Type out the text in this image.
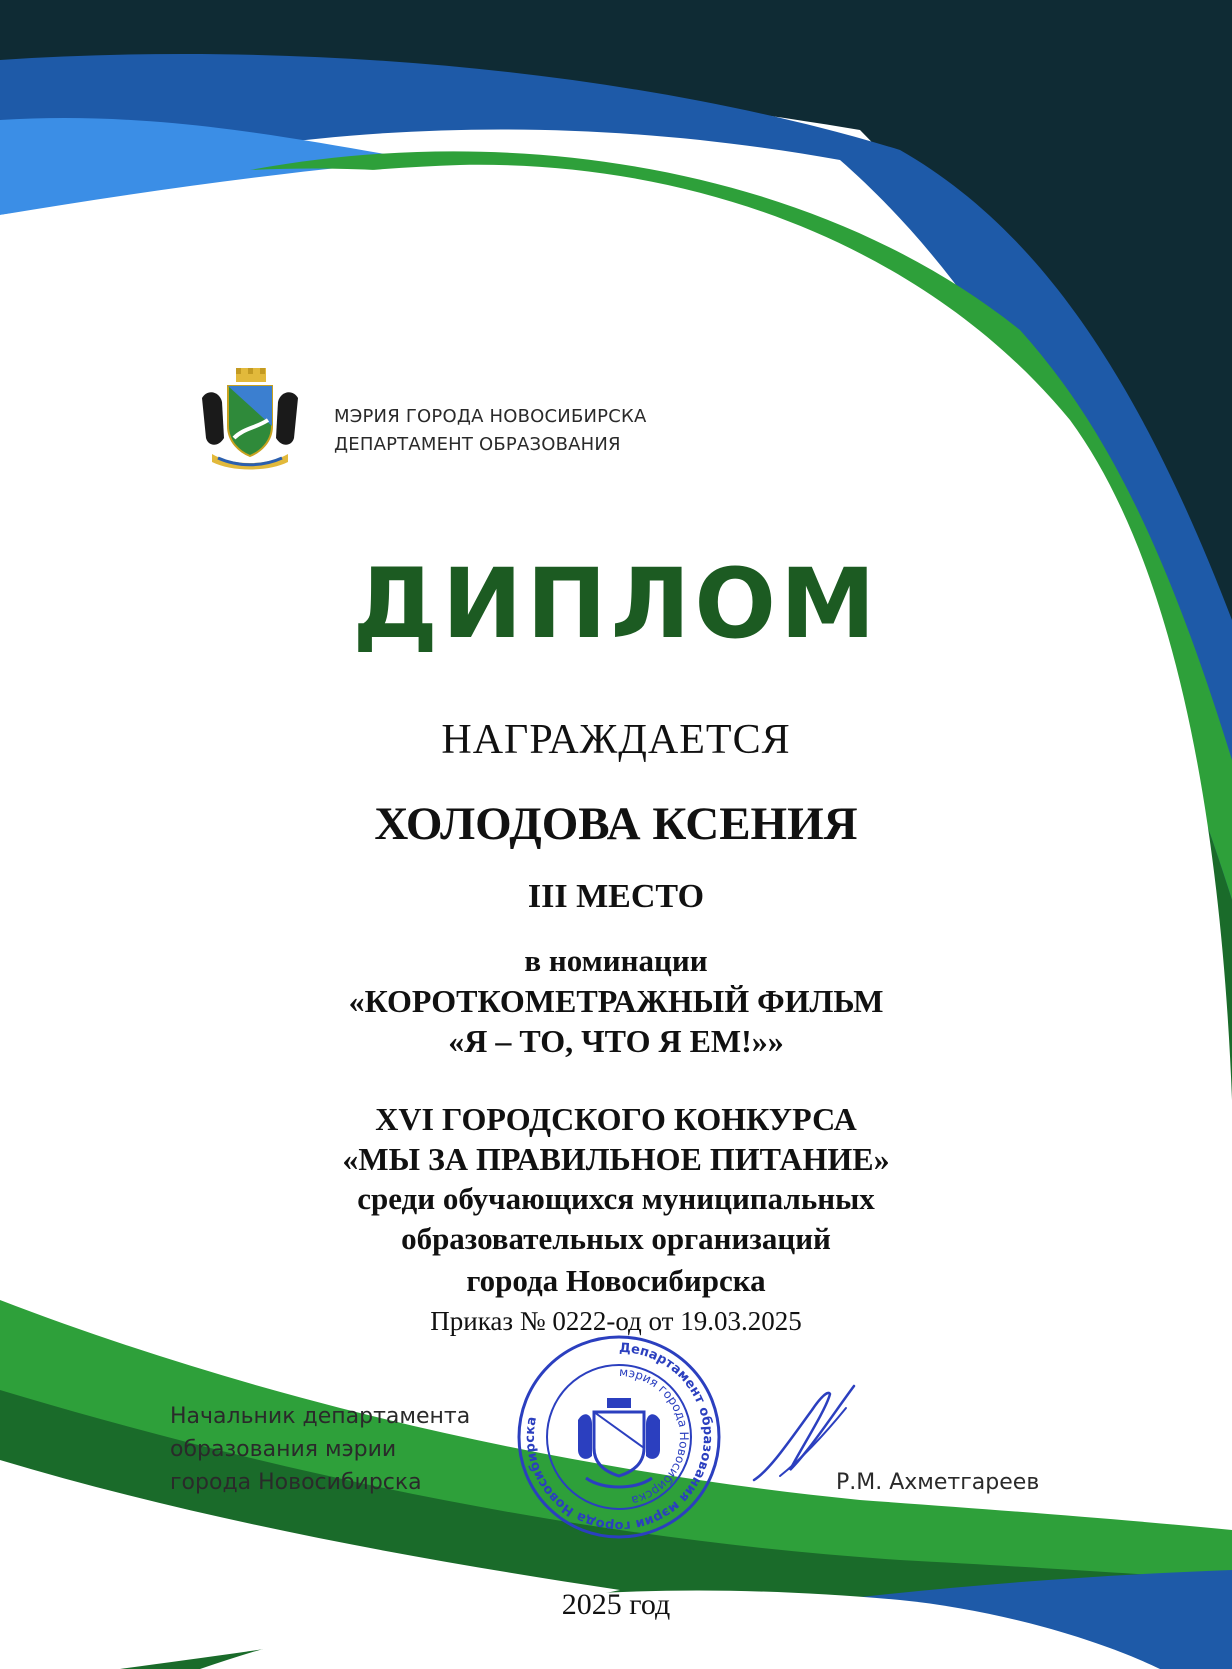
МЭРИЯ ГОРОДА НОВОСИБИРСКА
ДЕПАРТАМЕНТ ОБРАЗОВАНИЯ
ДИПЛОМ
НАГРАЖДАЕТСЯ
ХОЛОДОВА КСЕНИЯ
III МЕСТО
в номинации
«КОРОТКОМЕТРАЖНЫЙ ФИЛЬМ
«Я – ТО, ЧТО Я ЕМ!»»
XVI ГОРОДСКОГО КОНКУРСА
«МЫ ЗА ПРАВИЛЬНОЕ ПИТАНИЕ»
среди обучающихся муниципальных
образовательных организаций
города Новосибирска
Приказ № 0222-од от 19.03.2025
Начальник департамента
образования мэрии
города Новосибирска
Департамент образования мэрии города Новосибирска
мэрия города Новосибирска
Р.М. Ахметгареев
2025 год
